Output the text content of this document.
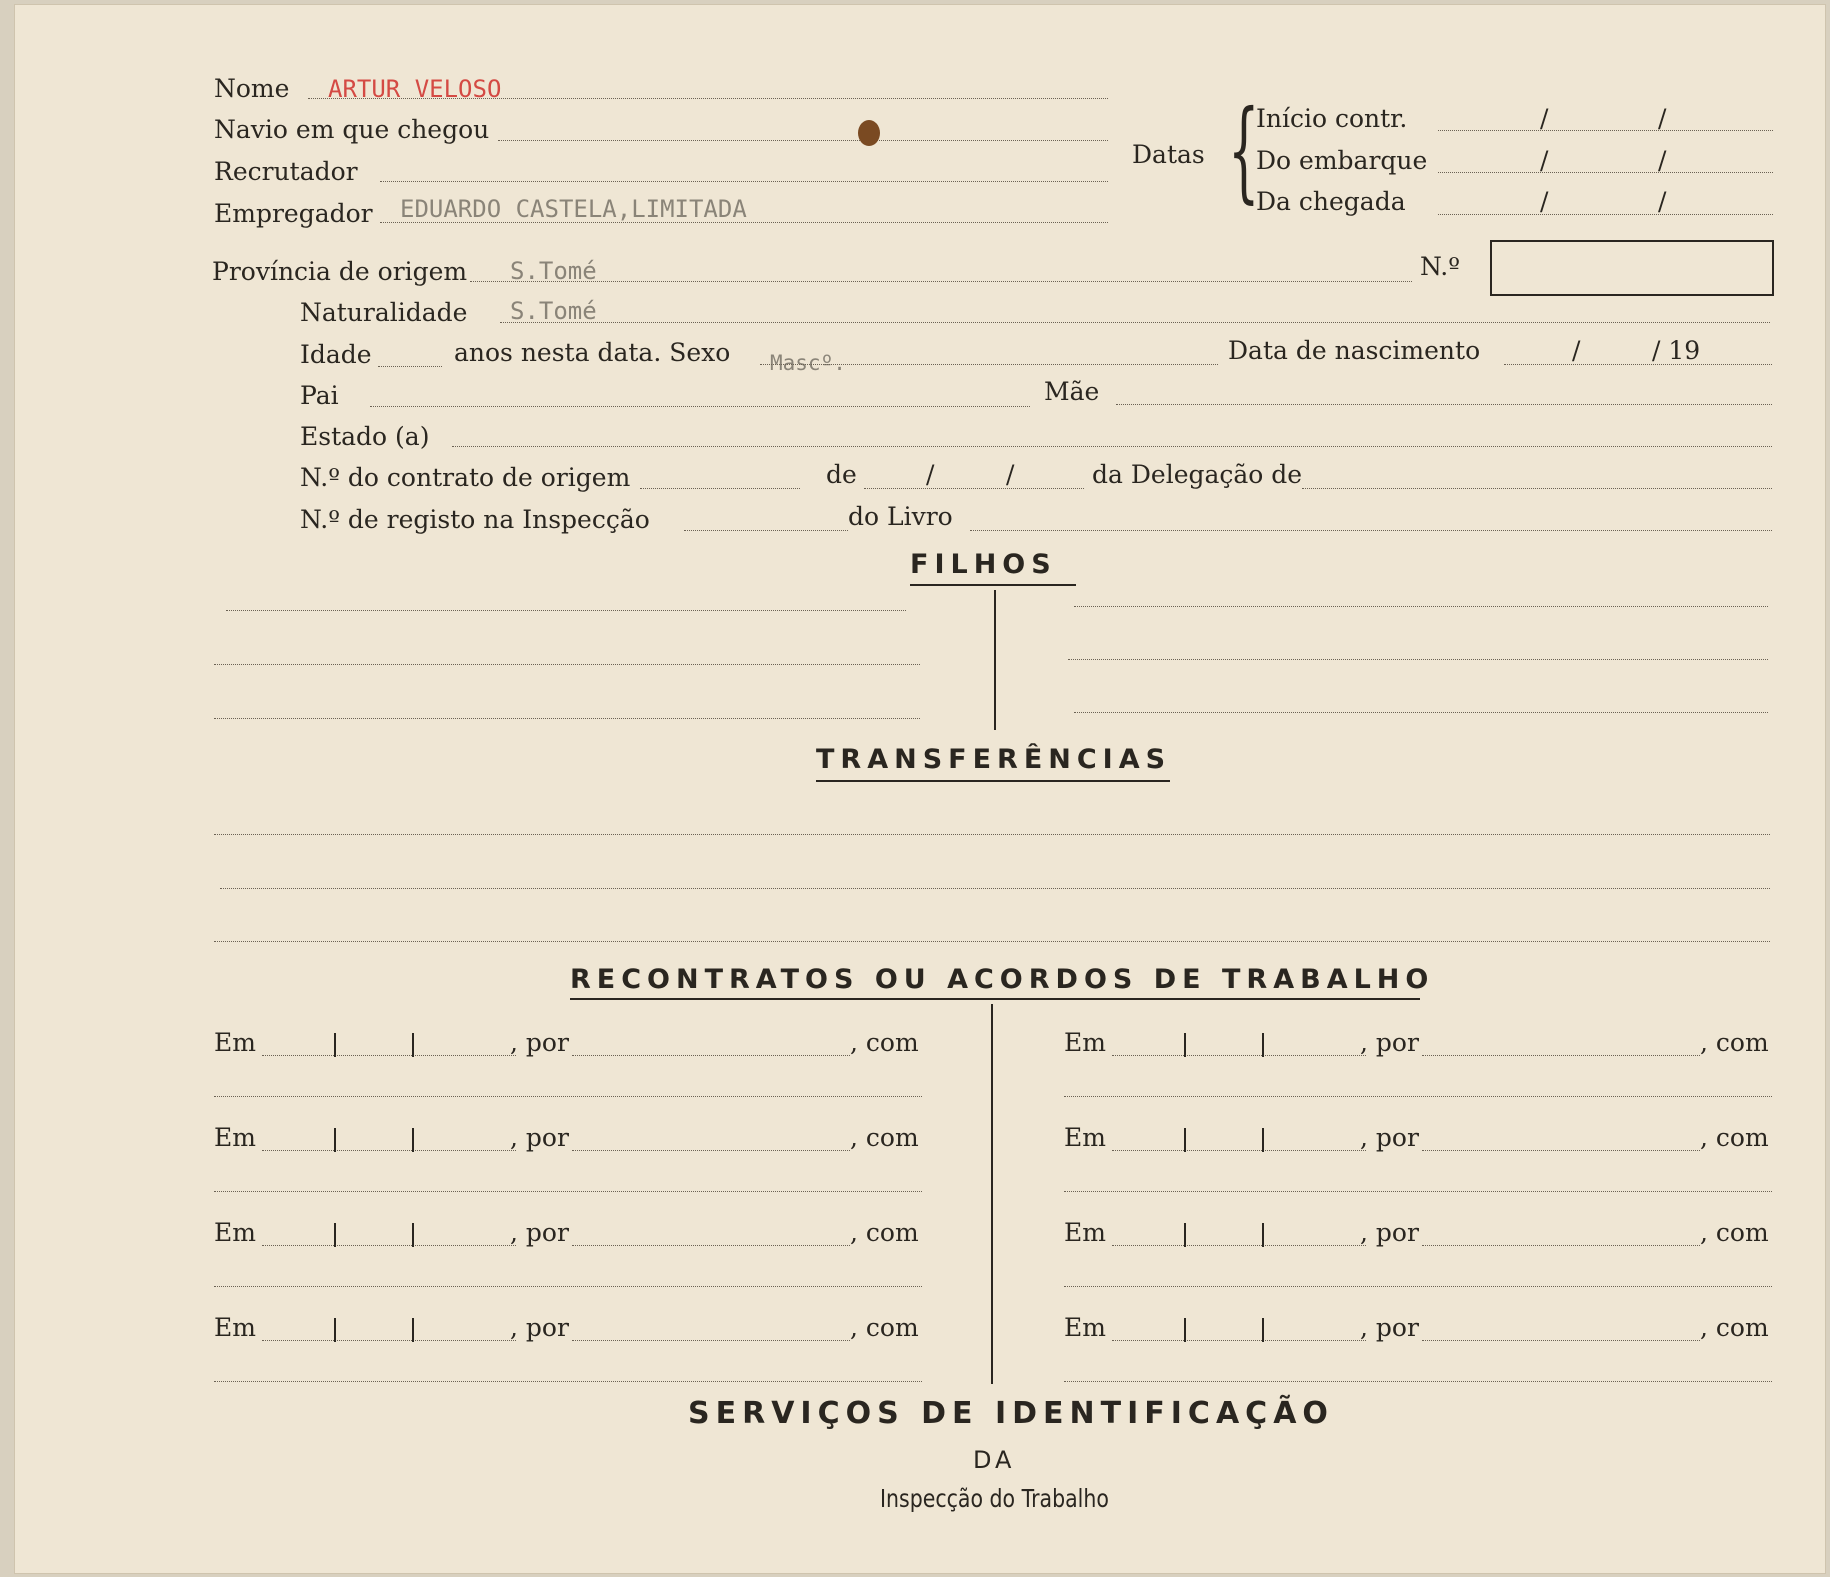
Nome ARTUR VELOSO
Navio em que chegou
Recrutador
Empregador EDUARDO CASTELA,LIMITADA
Datas {
Início contr.	/	/
Do embarque	/	/
Da chegada	/	/
Província de origem S.Tomé	N.º
Naturalidade S.Tomé
Idade	anos nesta data. Sexo Mascº.	Data de nascimento	/	/ 19
Pai	Mãe
Estado (a)
N.º do contrato de origem	de	/	/	da Delegação de
N.º de registo na Inspecção	do Livro
FILHOS
TRANSFERÊNCIAS
RECONTRATOS OU ACORDOS DE TRABALHO
Em	, por	, com	Em	, por	, com
Em	, por	, com	Em	, por	, com
Em	, por	, com	Em	, por	, com
Em	, por	, com	Em	, por	, com
SERVIÇOS DE IDENTIFICAÇÃO
DA
Inspecção do Trabalho
